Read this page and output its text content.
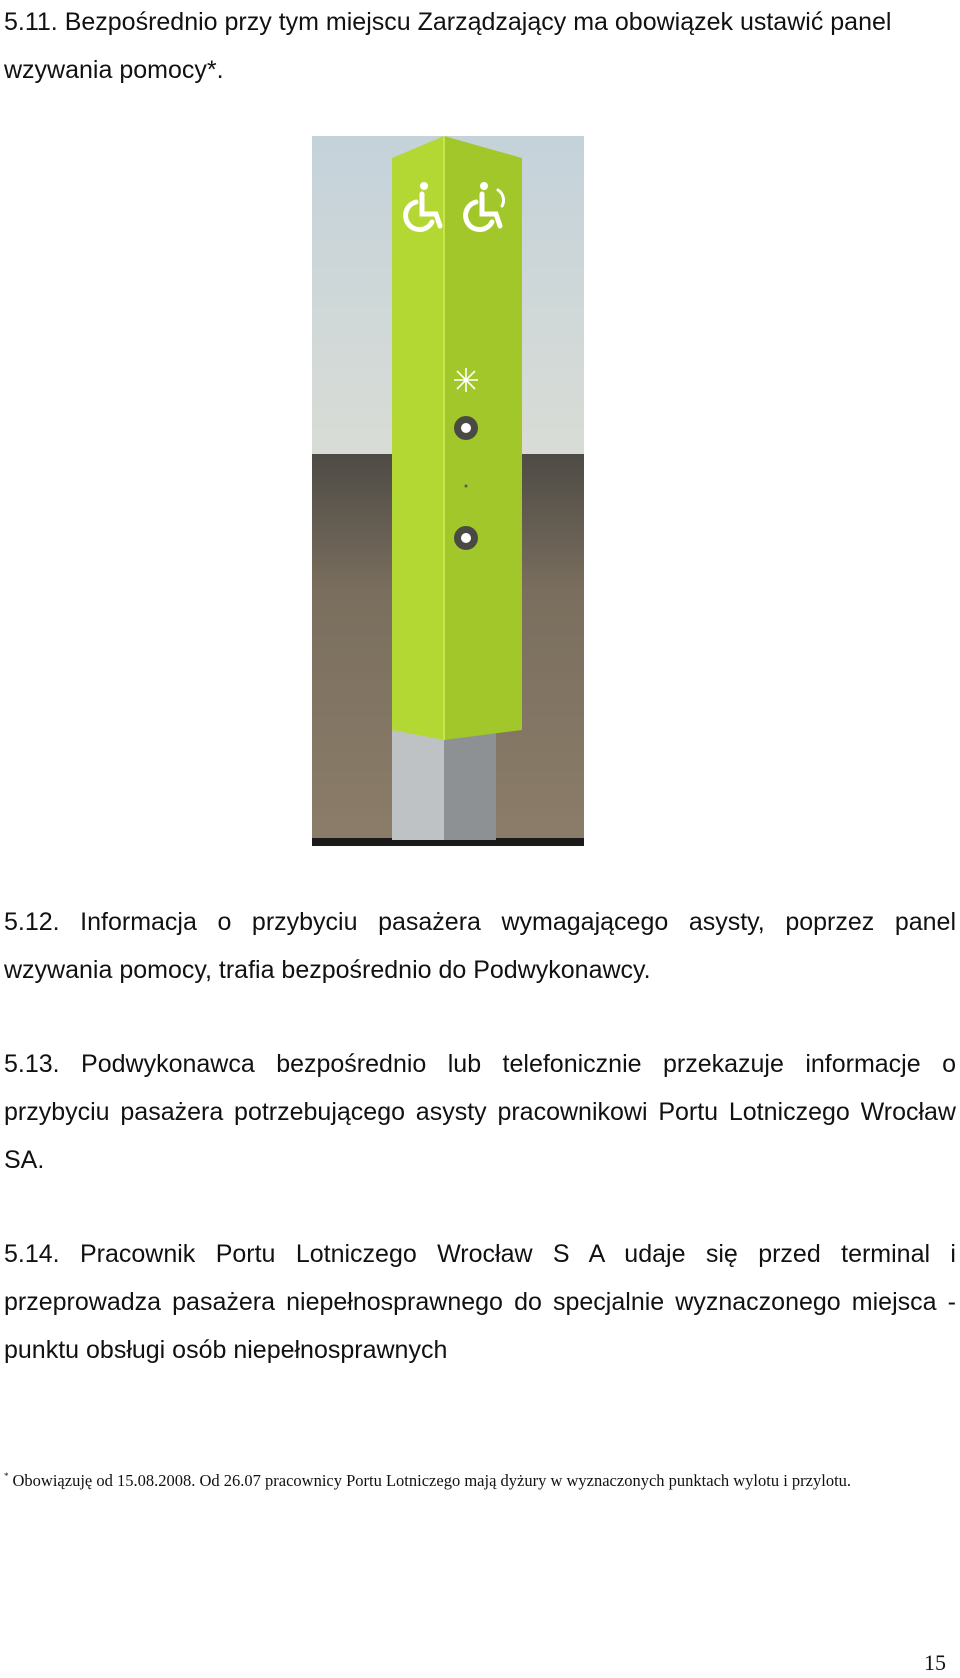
5.11. Bezpośrednio przy tym miejscu Zarządzający ma obowiązek ustawić panel wzywania pomocy*.

5.12. Informacja o przybyciu pasażera wymagającego asysty, poprzez panel wzywania pomocy, trafia bezpośrednio do Podwykonawcy.

5.13. Podwykonawca bezpośrednio lub telefonicznie przekazuje informacje o przybyciu pasażera potrzebującego asysty pracownikowi Portu Lotniczego Wrocław SA.

5.14. Pracownik Portu Lotniczego Wrocław S A udaje się przed terminal i przeprowadza pasażera niepełnosprawnego do specjalnie wyznaczonego miejsca - punktu obsługi osób niepełnosprawnych

* Obowiązuję od 15.08.2008. Od 26.07 pracownicy Portu Lotniczego mają dyżury w wyznaczonych punktach wylotu i przylotu.
15
